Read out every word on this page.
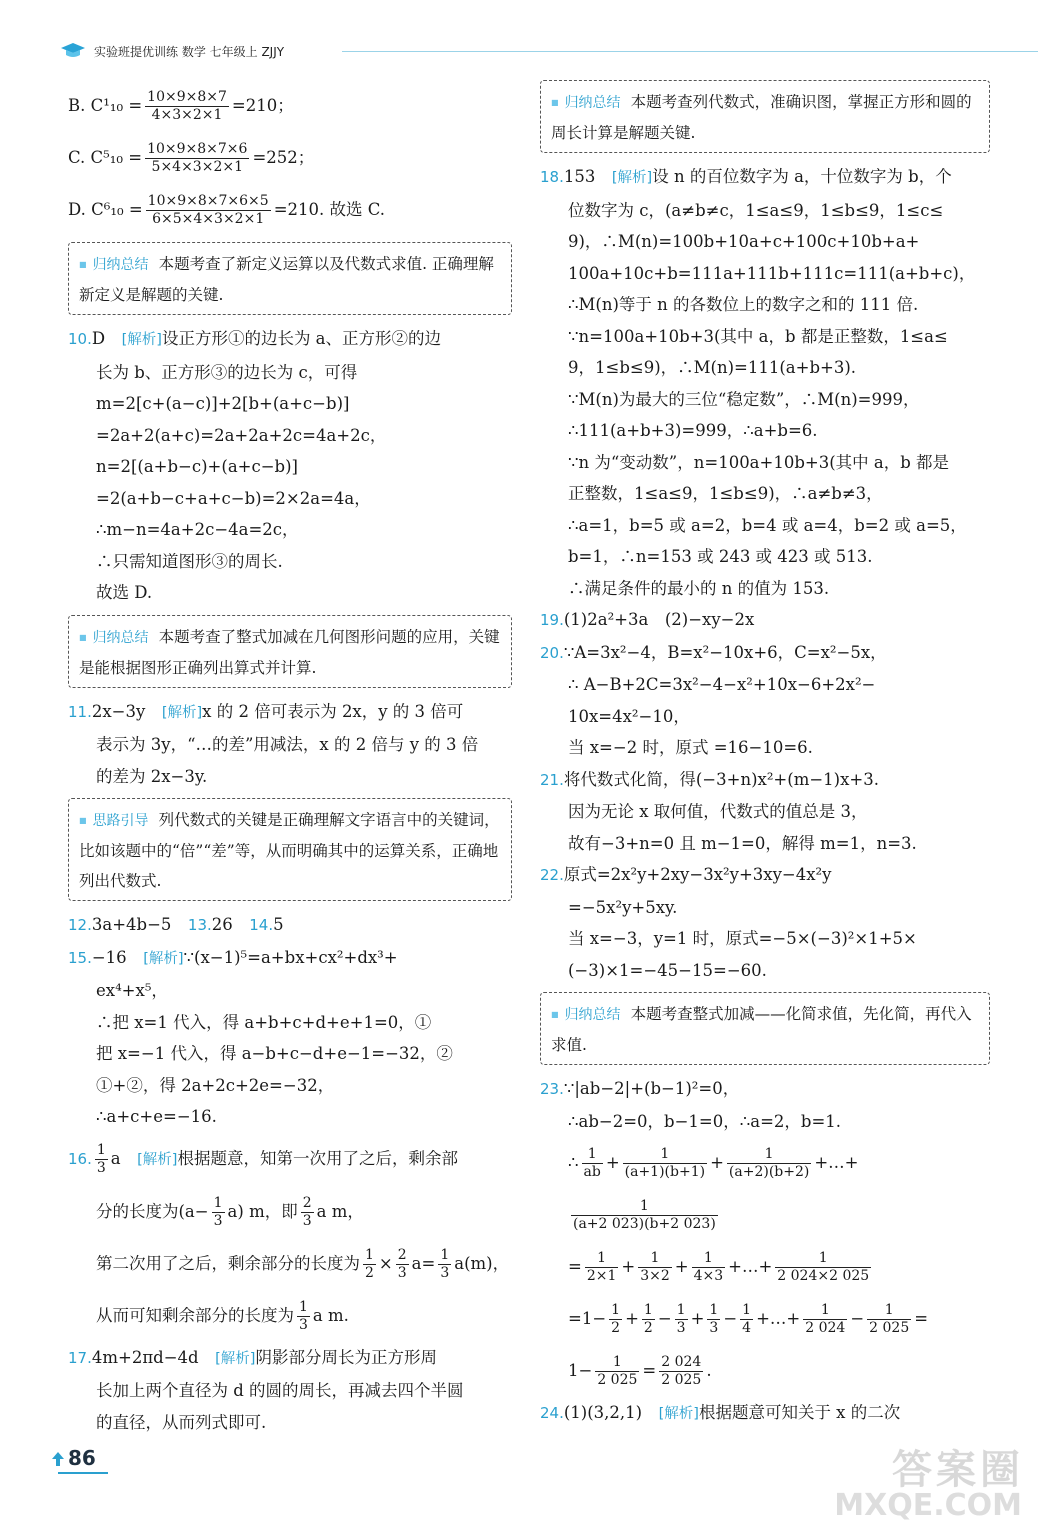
实验班提优训练 数学 七年级上 ZJJY
B. $C^1_{10} = \frac{10\times 9\times 8\times 7}{4\times 3\times 2\times 1} =210$；
C. $C^5_{10} = \frac{10\times 9\times 8\times 7\times 6}{5\times 4\times 3\times 2\times 1} =252$；
D. $C^6_{10} = \frac{10\times 9\times 8\times 7\times 6\times 5}{6\times 5\times 4\times 3\times 2\times 1} =210$. 故选 C.
■ 归纳总结 本题考查了新定义运算以及代数式求值. 正确理解新定义是解题的关键.
10.D　 [ 解析 ] 设正方形①的边长为 a、正方形②的边
长为 b、正方形③的边长为 c，可得
m=2[c+(a−c)]+2[b+(a+c−b)]
=2a+2(a+c)=2a+2a+2c=4a+2c，
n=2[(a+b−c)+(a+c−b)]
=2(a+b−c+a+c−b)=2×2a=4a，
∴m−n=4a+2c−4a=2c，
∴只需知道图形③的周长.
故选 D.
■ 归纳总结 本题考查了整式加减在几何图形问题的应用，关键是能根据图形正确列出算式并计算.
11.2x−3y　 [ 解析 ] x 的 2 倍可表示为 2x，y 的 3 倍可
表示为 3y，“…的差”用减法，x 的 2 倍与 y 的 3 倍
的差为 2x−3y.
■ 思路引导 列代数式的关键是正确理解文字语言中的关键词，比如该题中的“倍”“差”等，从而明确其中的运算关系，正确地列出代数式.
12.3a+4b−5　 13.26　 14.5
15.−16　 [ 解析 ] ∵(x−1)⁵=a+bx+cx²+dx³+
ex⁴+x⁵，
∴把 x=1 代入，得 a+b+c+d+e+1=0，①
把 x=−1 代入，得 a−b+c−d+e−1=−32，②
①+②，得 2a+2c+2e=−32，
∴a+c+e=−16.
16. $\frac{1}{3}$ a　 [ 解析 ] 根据题意，知第一次用了之后，剩余部
分的长度为$(a- \frac{1}{3} a)$ m，即 $\frac{2}{3}$ a m，
第二次用了之后，剩余部分的长度为 $\frac{1}{2} \times \frac{2}{3} a= \frac{1}{3} a(m)$，
从而可知剩余部分的长度为 $\frac{1}{3}$ a m.
17.4m+2πd−4d　 [ 解析 ] 阴影部分周长为正方形周
长加上两个直径为 d 的圆的周长，再减去四个半圆
的直径，从而列式即可.
■ 归纳总结 本题考查列代数式，准确识图，掌握正方形和圆的周长计算是解题关键.
18.153　 [ 解析 ] 设 n 的百位数字为 a，十位数字为 b，个
位数字为 c，(a≠b≠c，1≤a≤9，1≤b≤9，1≤c≤
9)，∴M(n)=100b+10a+c+100c+10b+a+
100a+10c+b=111a+111b+111c=111(a+b+c)，
∴M(n)等于 n 的各数位上的数字之和的 111 倍.
∵n=100a+10b+3(其中 a，b 都是正整数，1≤a≤
9，1≤b≤9)，∴M(n)=111(a+b+3).
∵M(n)为最大的三位“稳定数”，∴M(n)=999，
∴111(a+b+3)=999，∴a+b=6.
∵n 为“变动数”，n=100a+10b+3(其中 a，b 都是
正整数，1≤a≤9，1≤b≤9)，∴a≠b≠3，
∴a=1，b=5 或 a=2，b=4 或 a=4，b=2 或 a=5，
b=1，∴n=153 或 243 或 423 或 513.
∴满足条件的最小的 n 的值为 153.
19.(1)2a²+3a　(2)−xy−2x
20.∵A=3x²−4，B=x²−10x+6，C=x²−5x，
∴ A−B+2C=3x²−4−x²+10x−6+2x²−
10x=4x²−10，
当 x=−2 时，原式 =16−10=6.
21.将代数式化简，得(−3+n)x²+(m−1)x+3.
因为无论 x 取何值，代数式的值总是 3，
故有−3+n=0 且 m−1=0，解得 m=1，n=3.
22.原式=2x²y+2xy−3x²y+3xy−4x²y
=−5x²y+5xy.
当 x=−3，y=1 时，原式=−5×(−3)²×1+5×
(−3)×1=−45−15=−60.
■ 归纳总结 本题考查整式加减——化简求值，先化简，再代入求值.
23.∵|ab−2|+(b−1)²=0，
∴ab−2=0，b−1=0，∴a=2，b=1.
∴ $\frac{1}{ab} + \frac{1}{(a+1)(b+1)} + \frac{1}{(a+2)(b+2)}$ +…+
$\frac{1}{(a+2 023)(b+2 023)}$
= $\frac{1}{2\times 1} + \frac{1}{3\times 2} + \frac{1}{4\times 3}$ +…+ $\frac{1}{2 024\times 2 025}$
$=1- \frac{1}{2} + \frac{1}{2} - \frac{1}{3} + \frac{1}{3} - \frac{1}{4}$ +…+ $\frac{1}{2 024} - \frac{1}{2 025}$ =
$1- \frac{1}{2 025} = \frac{2 024}{2 025}$ .
24.(1)(3,2,1)　 [ 解析 ] 根据题意可知关于 x 的二次
86	答案圈
MXQE.COM
